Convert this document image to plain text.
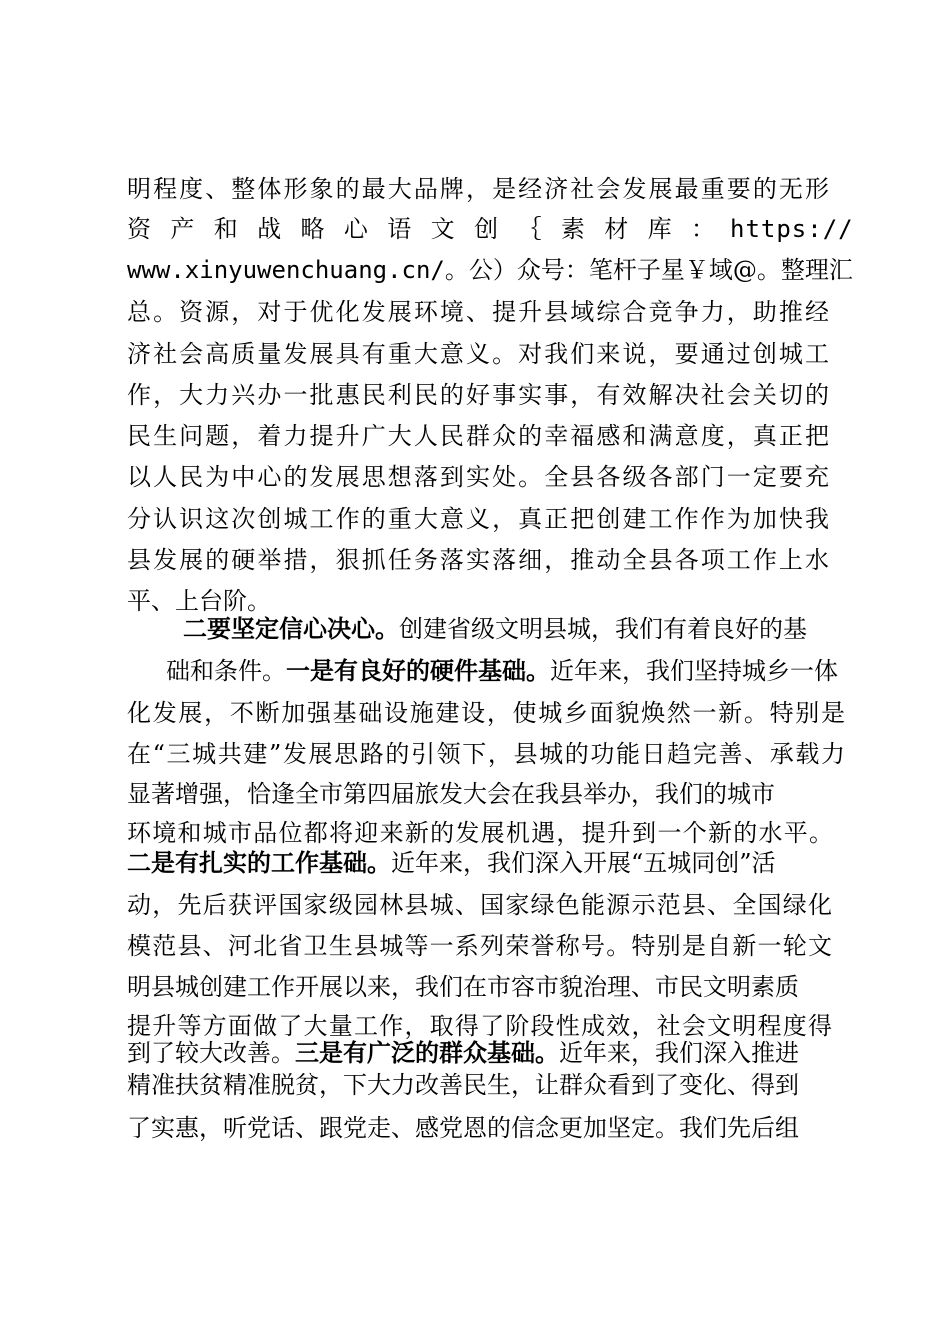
明程度、整体形象的最大品牌，是经济社会发展最重要的无形

资 产 和 战 略 心 语 文 创 ｛ 素 材 库 ： https://

www.xinyuwenchuang.cn/。公）众号：笔杆子星￥域@。整理汇

总。资源，对于优化发展环境、提升县域综合竞争力，助推经

济社会高质量发展具有重大意义。对我们来说，要通过创城工

作，大力兴办一批惠民利民的好事实事，有效解决社会关切的

民生问题，着力提升广大人民群众的幸福感和满意度，真正把

以人民为中心的发展思想落到实处。全县各级各部门一定要充

分认识这次创城工作的重大意义，真正把创建工作作为加快我

县发展的硬举措，狠抓任务落实落细，推动全县各项工作上水

平、上台阶。

二要坚定信心决心。创建省级文明县城，我们有着良好的基

础和条件。一是有良好的硬件基础。近年来，我们坚持城乡一体

化发展，不断加强基础设施建设，使城乡面貌焕然一新。特别是

在“三城共建”发展思路的引领下，县城的功能日趋完善、承载力

显著增强，恰逢全市第四届旅发大会在我县举办，我们的城市

环境和城市品位都将迎来新的发展机遇，提升到一个新的水平。

二是有扎实的工作基础。近年来，我们深入开展“五城同创”活

动，先后获评国家级园林县城、国家绿色能源示范县、全国绿化

模范县、河北省卫生县城等一系列荣誉称号。特别是自新一轮文

明县城创建工作开展以来，我们在市容市貌治理、市民文明素质

提升等方面做了大量工作，取得了阶段性成效，社会文明程度得

到了较大改善。三是有广泛的群众基础。近年来，我们深入推进

精准扶贫精准脱贫，下大力改善民生，让群众看到了变化、得到

了实惠，听党话、跟党走、感党恩的信念更加坚定。我们先后组
